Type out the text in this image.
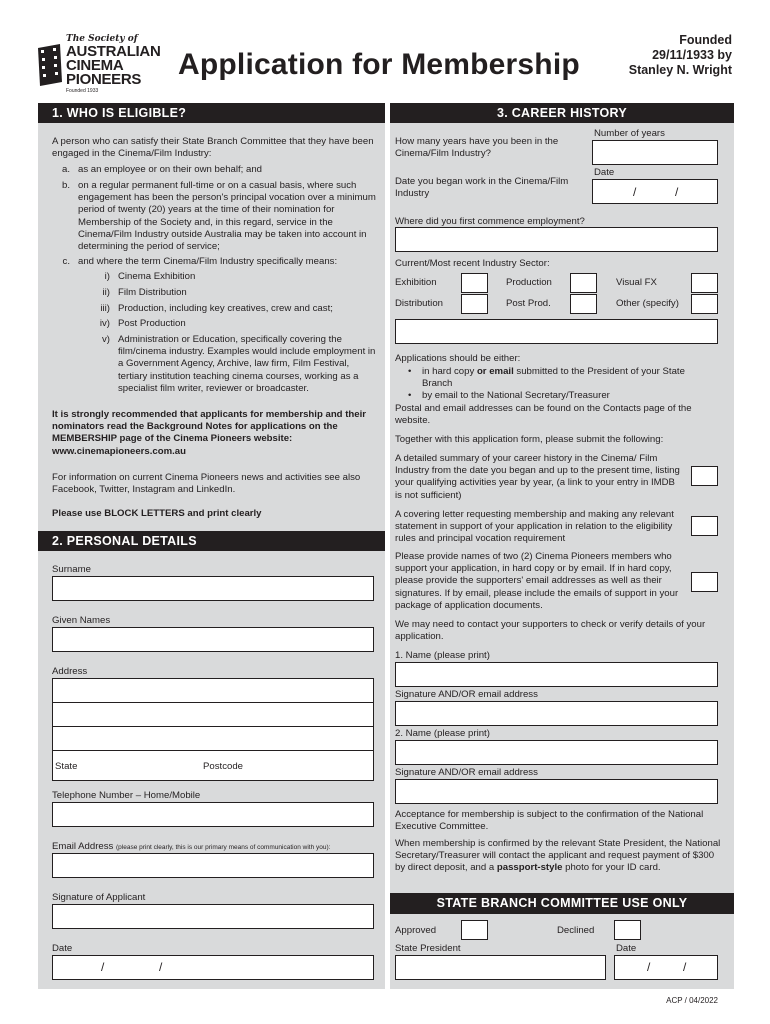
The Society of
AUSTRALIAN
CINEMA
PIONEERS
Founded 1933
Application for Membership
Founded
29/11/1933 by
Stanley N. Wright
1. WHO IS ELIGIBLE?
A person who can satisfy their State Branch Committee that they have been engaged in the Cinema/Film Industry:
a. as an employee or on their own behalf; and
b. on a regular permanent full-time or on a casual basis, where such engagement has been the person's principal vocation over a minimum period of twenty (20) years at the time of their nomination for Membership of the Society and, in this regard, service in the Cinema/Film Industry outside Australia may be taken into account in determining the period of service;
c. and where the term Cinema/Film Industry specifically means:
i) Cinema Exhibition
ii) Film Distribution
iii) Production, including key creatives, crew and cast;
iv) Post Production
v) Administration or Education, specifically covering the film/cinema industry. Examples would include employment in a Government Agency, Archive, law firm, Film Festival, tertiary institution teaching cinema courses, working as a specialist film writer, reviewer or broadcaster.
It is strongly recommended that applicants for membership and their nominators read the Background Notes for applications on the MEMBERSHIP page of the Cinema Pioneers website: www.cinemapioneers.com.au
For information on current Cinema Pioneers news and activities see also Facebook, Twitter, Instagram and LinkedIn.
Please use BLOCK LETTERS and print clearly
2. PERSONAL DETAILS
Surname
Given Names
Address
State	Postcode
Telephone Number – Home/Mobile
Email Address (please print clearly, this is our primary means of communication with you):
Signature of Applicant
Date
/	/
3. CAREER HISTORY
How many years have you been in the Cinema/Film Industry?
Number of years
Date you began work in the Cinema/Film Industry
Date
/	/
Where did you first commence employment?
Current/Most recent Industry Sector:
Exhibition	Production	Visual FX
Distribution	Post Prod.	Other (specify)
Applications should be either:
• in hard copy or email submitted to the President of your State Branch
• by email to the National Secretary/Treasurer
Postal and email addresses can be found on the Contacts page of the website.
Together with this application form, please submit the following:
A detailed summary of your career history in the Cinema/ Film Industry from the date you began and up to the present time, listing your qualifying activities year by year, (a link to your entry in IMDB is not sufficient)
A covering letter requesting membership and making any relevant statement in support of your application in relation to the eligibility rules and principal vocation requirement
Please provide names of two (2) Cinema Pioneers members who support your application, in hard copy or by email. If in hard copy, please provide the supporters' email addresses as well as their signatures. If by email, please include the emails of support in your package of application documents.
We may need to contact your supporters to check or verify details of your application.
1. Name (please print)
Signature AND/OR email address
2. Name (please print)
Signature AND/OR email address
Acceptance for membership is subject to the confirmation of the National Executive Committee.
When membership is confirmed by the relevant State President, the National Secretary/Treasurer will contact the applicant and request payment of $300 by direct deposit, and a passport-style photo for your ID card.
STATE BRANCH COMMITTEE USE ONLY
Approved	Declined
State President	Date
/	/
ACP / 04/2022
